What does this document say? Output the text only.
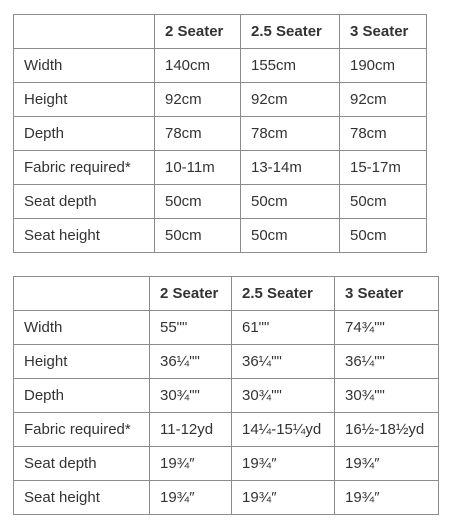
	2 Seater	2.5 Seater	3 Seater
Width	140cm	155cm	190cm
Height	92cm	92cm	92cm
Depth	78cm	78cm	78cm
Fabric required*	10-11m	13-14m	15-17m
Seat depth	50cm	50cm	50cm
Seat height	50cm	50cm	50cm
	2 Seater	2.5 Seater	3 Seater
Width	55""	61""	74¾""
Height	36¼""	36¼""	36¼""
Depth	30¾""	30¾""	30¾""
Fabric required*	11-12yd	14¼-15¼yd	16½-18½yd
Seat depth	19¾″	19¾″	19¾″
Seat height	19¾″	19¾″	19¾″
